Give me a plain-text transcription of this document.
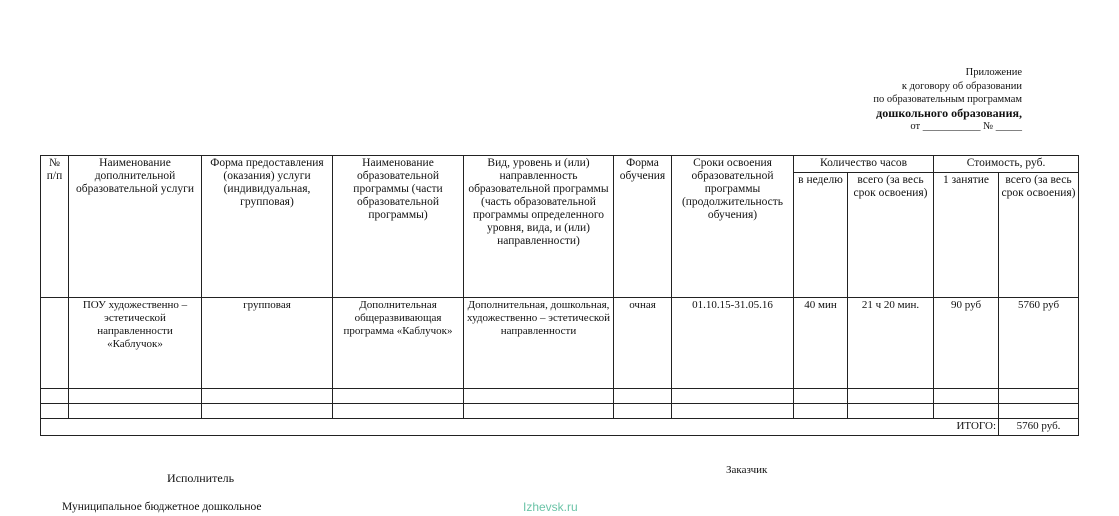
Приложение
к договору об образовании
по образовательным программам
дошкольного образования,
от ___________ № _____
№ п/п	Наименование дополнительной образовательной услуги	Форма предоставления (оказания) услуги (индивидуальная, групповая)	Наименование образовательной программы (части образовательной программы)	Вид, уровень и (или) направленность образовательной программы (часть образовательной программы определенного уровня, вида, и (или) направленности)	Форма обучения	Сроки освоения образовательной программы (продолжительность обучения)	Количество часов		Стоимость, руб.	
							в неделю	всего (за весь срок освоения)	1 занятие	всего (за весь срок освоения)
	ПОУ художественно – эстетической направленности «Каблучок»	групповая	Дополнительная общеразвивающая программа «Каблучок»	Дополнительная, дошкольная, художественно – эстетической направленности	очная	01.10.15-31.05.16	40 мин	21 ч 20 мин.	90 руб	5760 руб

ИТОГО:										5760 руб.
Исполнитель
Заказчик
Муниципальное бюджетное дошкольное	Izhevsk.ru
